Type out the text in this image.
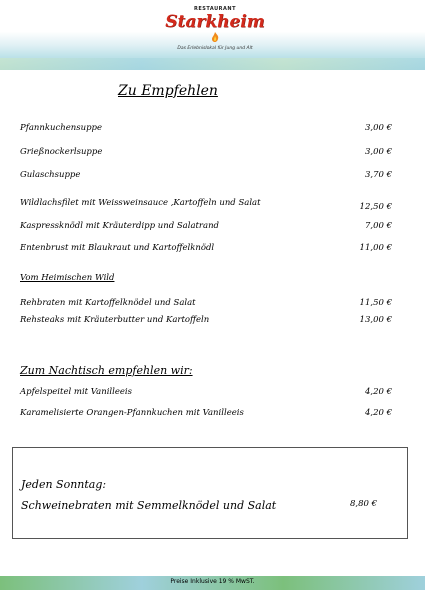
RESTAURANT
Starkheim
Das Erlebnislokal für Jung und Alt
Zu Empfehlen
Pfannkuchensuppe	3,00 €
Grießnockerlsuppe	3,00 €
Gulaschsuppe	3,70 €
Wildlachsfilet mit Weissweinsauce ,Kartoffeln und Salat	12,50 €
Kaspressknödl mit Kräuterdipp und Salatrand	7,00 €
Entenbrust mit Blaukraut und Kartoffelknödl	11,00 €
Vom Heimischen Wild
Rehbraten mit Kartoffelknödel und Salat	11,50 €
Rehsteaks mit Kräuterbutter und Kartoffeln	13,00 €
Zum Nachtisch empfehlen wir:
Apfelspeitel mit Vanilleeis	4,20 €
Karamelisierte Orangen-Pfannkuchen mit Vanilleeis	4,20 €
Jeden Sonntag:
Schweinebraten mit Semmelknödel und Salat	8,80 €
Preise Inklusive 19 % MwST.
